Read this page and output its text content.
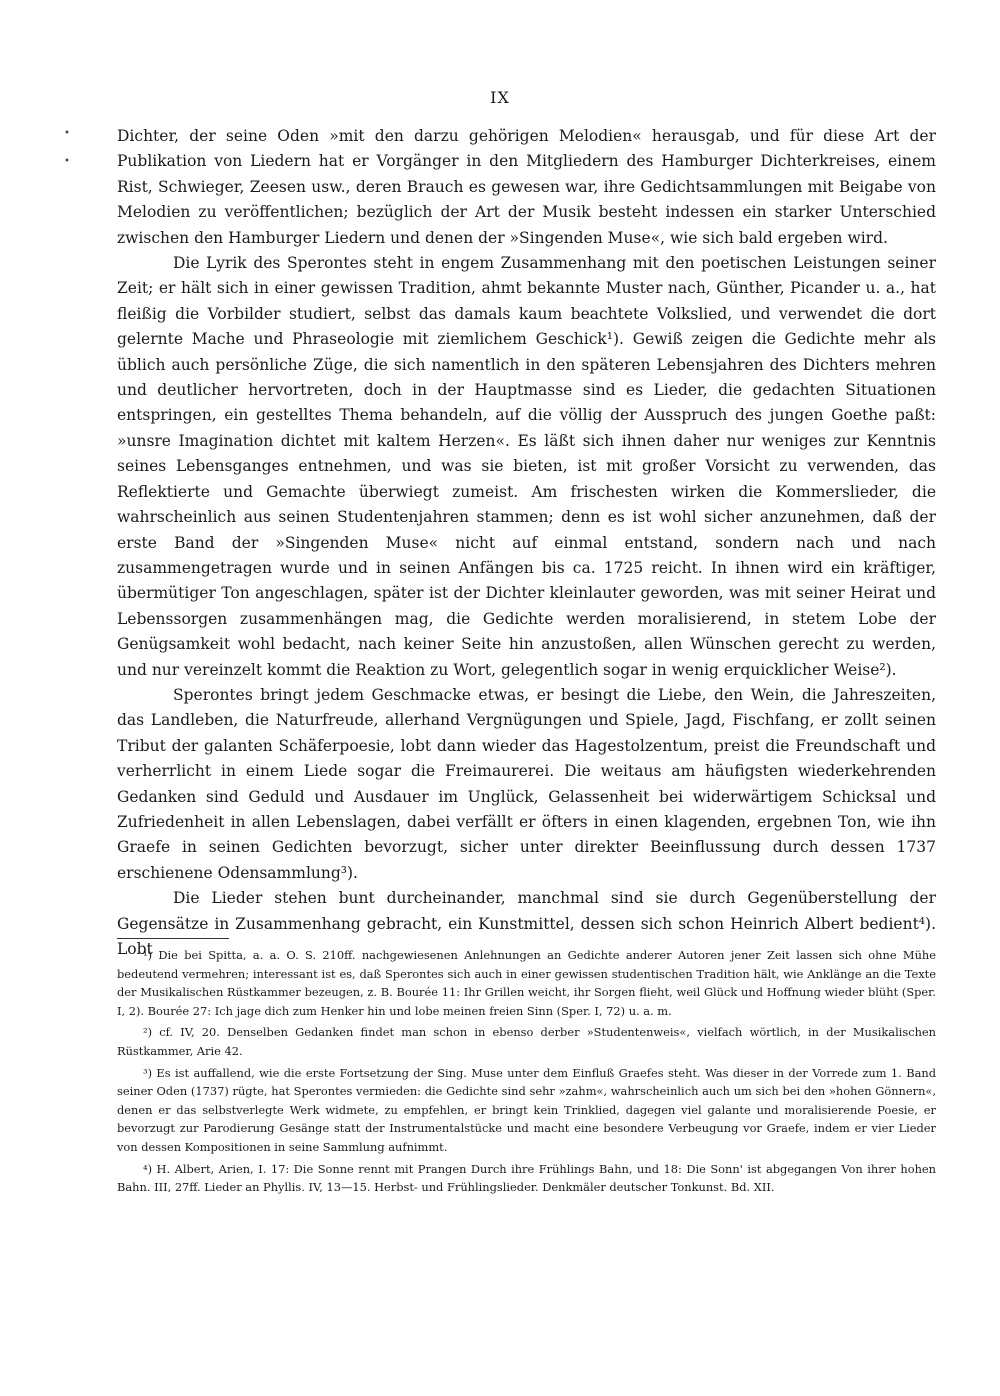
IX
•
•

Dichter, der seine Oden »mit den darzu gehörigen Melodien« herausgab, und für diese Art der Publikation von Liedern hat er Vorgänger in den Mitgliedern des Hamburger Dichterkreises, einem Rist, Schwieger, Zeesen usw., deren Brauch es gewesen war, ihre Gedichtsammlungen mit Beigabe von Melodien zu veröffentlichen; bezüglich der Art der Musik besteht indessen ein starker Unterschied zwischen den Hamburger Liedern und denen der »Singenden Muse«, wie sich bald ergeben wird.

Die Lyrik des Sperontes steht in engem Zusammenhang mit den poetischen Leistungen seiner Zeit; er hält sich in einer gewissen Tradition, ahmt bekannte Muster nach, Günther, Picander u. a., hat fleißig die Vorbilder studiert, selbst das damals kaum beachtete Volkslied, und verwendet die dort gelernte Mache und Phraseologie mit ziemlichem Geschick¹). Gewiß zeigen die Gedichte mehr als üblich auch persönliche Züge, die sich namentlich in den späteren Lebensjahren des Dichters mehren und deutlicher hervortreten, doch in der Hauptmasse sind es Lieder, die gedachten Situationen entspringen, ein gestelltes Thema behandeln, auf die völlig der Ausspruch des jungen Goethe paßt: »unsre Imagination dichtet mit kaltem Herzen«. Es läßt sich ihnen daher nur weniges zur Kenntnis seines Lebensganges entnehmen, und was sie bieten, ist mit großer Vorsicht zu verwenden, das Reflektierte und Gemachte überwiegt zumeist. Am frischesten wirken die Kommerslieder, die wahrscheinlich aus seinen Studentenjahren stammen; denn es ist wohl sicher anzunehmen, daß der erste Band der »Singenden Muse« nicht auf einmal entstand, sondern nach und nach zusammengetragen wurde und in seinen Anfängen bis ca. 1725 reicht. In ihnen wird ein kräftiger, übermütiger Ton angeschlagen, später ist der Dichter kleinlauter geworden, was mit seiner Heirat und Lebenssorgen zusammenhängen mag, die Gedichte werden moralisierend, in stetem Lobe der Genügsamkeit wohl bedacht, nach keiner Seite hin anzustoßen, allen Wünschen gerecht zu werden, und nur vereinzelt kommt die Reaktion zu Wort, gelegentlich sogar in wenig erquicklicher Weise²).

Sperontes bringt jedem Geschmacke etwas, er besingt die Liebe, den Wein, die Jahreszeiten, das Landleben, die Naturfreude, allerhand Vergnügungen und Spiele, Jagd, Fischfang, er zollt seinen Tribut der galanten Schäferpoesie, lobt dann wieder das Hagestolzentum, preist die Freundschaft und verherrlicht in einem Liede sogar die Freimaurerei. Die weitaus am häufigsten wiederkehrenden Gedanken sind Geduld und Ausdauer im Unglück, Gelassenheit bei widerwärtigem Schicksal und Zufriedenheit in allen Lebenslagen, dabei verfällt er öfters in einen klagenden, ergebnen Ton, wie ihn Graefe in seinen Gedichten bevorzugt, sicher unter direkter Beeinflussung durch dessen 1737 erschienene Odensammlung³).

Die Lieder stehen bunt durcheinander, manchmal sind sie durch Gegenüberstellung der Gegensätze in Zusammenhang gebracht, ein Kunstmittel, dessen sich schon Heinrich Albert bedient⁴). Lobt

¹) Die bei Spitta, a. a. O. S. 210ff. nachgewiesenen Anlehnungen an Gedichte anderer Autoren jener Zeit lassen sich ohne Mühe bedeutend vermehren; interessant ist es, daß Sperontes sich auch in einer gewissen studentischen Tradition hält, wie Anklänge an die Texte der Musikalischen Rüstkammer bezeugen, z. B. Bourée 11: Ihr Grillen weicht, ihr Sorgen flieht, weil Glück und Hoffnung wieder blüht (Sper. I, 2). Bourée 27: Ich jage dich zum Henker hin und lobe meinen freien Sinn (Sper. I, 72) u. a. m.

²) cf. IV, 20. Denselben Gedanken findet man schon in ebenso derber »Studentenweis«, vielfach wörtlich, in der Musikalischen Rüstkammer, Arie 42.

³) Es ist auffallend, wie die erste Fortsetzung der Sing. Muse unter dem Einfluß Graefes steht. Was dieser in der Vorrede zum 1. Band seiner Oden (1737) rügte, hat Sperontes vermieden: die Gedichte sind sehr »zahm«, wahrscheinlich auch um sich bei den »hohen Gönnern«, denen er das selbstverlegte Werk widmete, zu empfehlen, er bringt kein Trinklied, dagegen viel galante und moralisierende Poesie, er bevorzugt zur Parodierung Gesänge statt der Instrumentalstücke und macht eine besondere Verbeugung vor Graefe, indem er vier Lieder von dessen Kompositionen in seine Sammlung aufnimmt.

⁴) H. Albert, Arien, I. 17: Die Sonne rennt mit Prangen Durch ihre Frühlings Bahn, und 18: Die Sonn' ist abgegangen Von ihrer hohen Bahn. III, 27ff. Lieder an Phyllis. IV, 13—15. Herbst- und Frühlingslieder. Denkmäler deutscher Tonkunst. Bd. XII.
